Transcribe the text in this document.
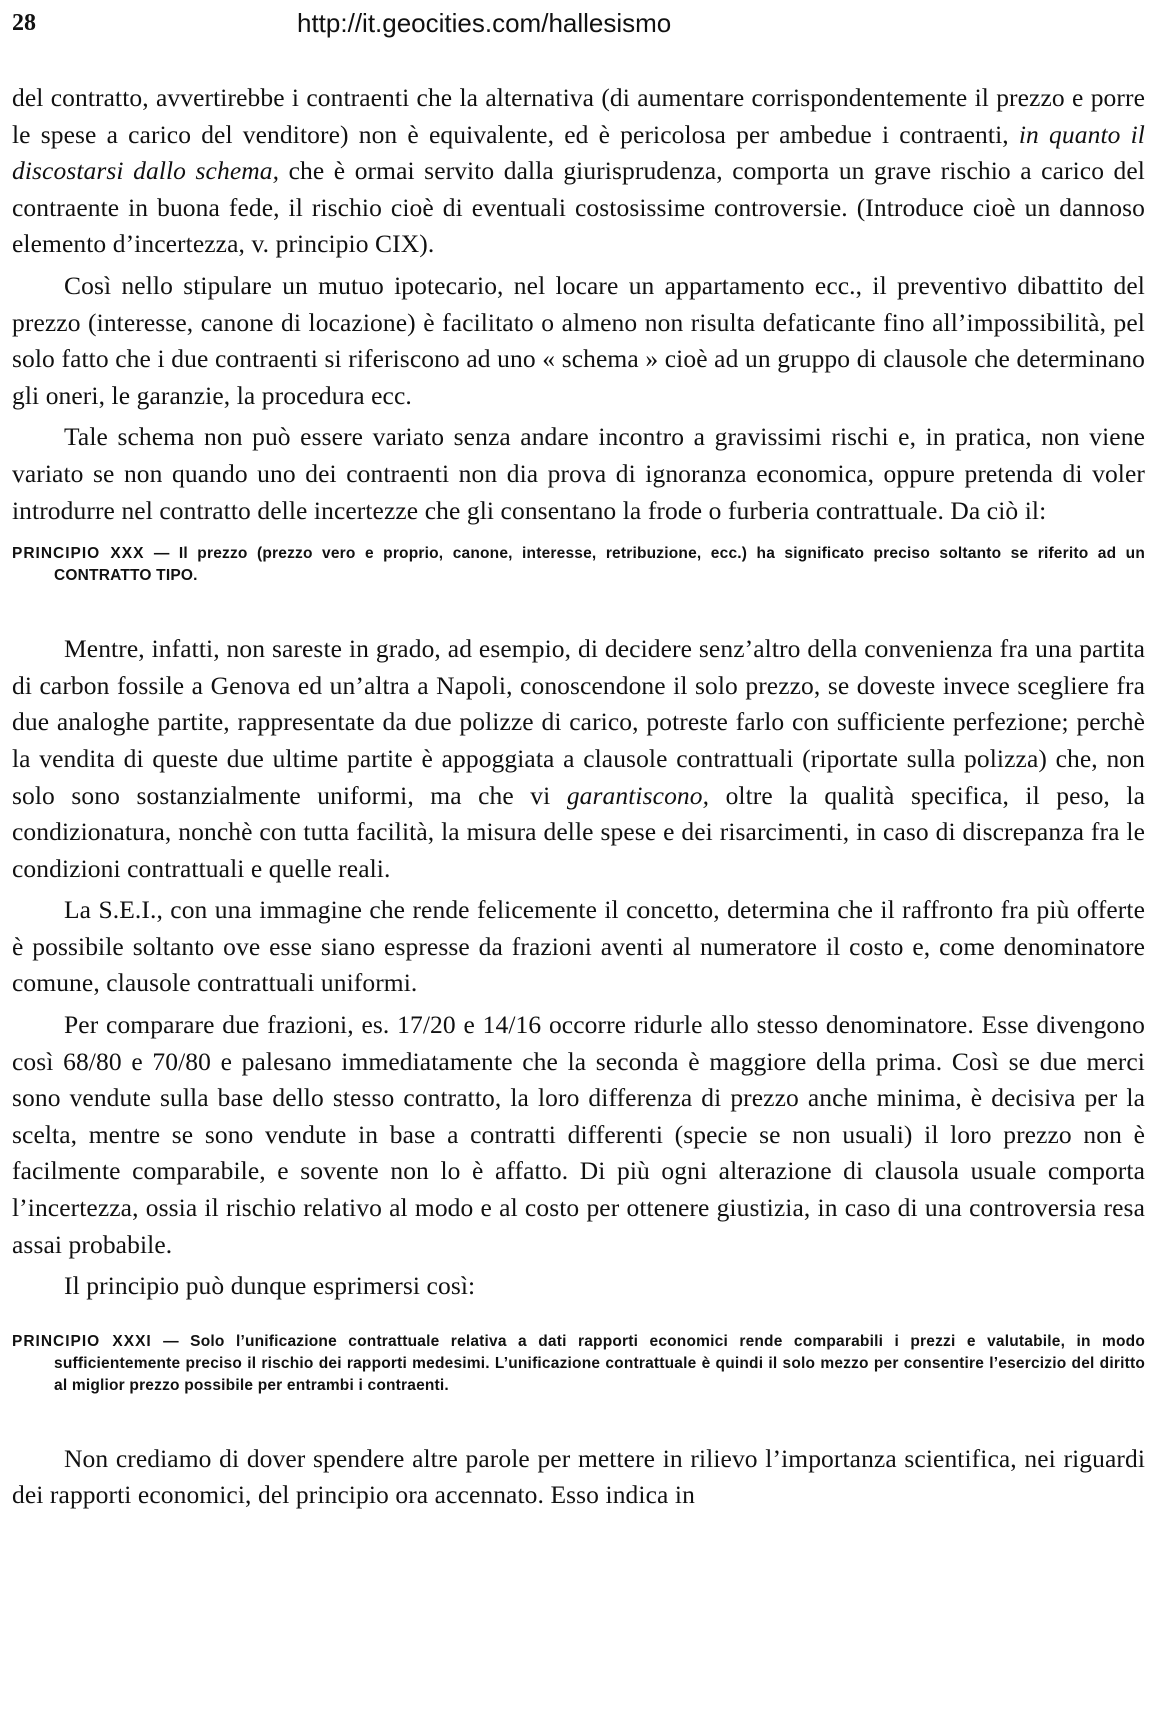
28	http://it.geocities.com/hallesismo

del contratto, avvertirebbe i contraenti che la alternativa (di aumentare corrispondentemente il prezzo e porre le spese a carico del venditore) non è equivalente, ed è pericolosa per ambedue i contraenti, in quanto il discostarsi dallo schema, che è ormai servito dalla giurisprudenza, comporta un grave rischio a carico del contraente in buona fede, il rischio cioè di eventuali costosissime controversie. (Introduce cioè un dannoso elemento d’incertezza, v. principio CIX).

Così nello stipulare un mutuo ipotecario, nel locare un appartamento ecc., il preventivo dibattito del prezzo (interesse, canone di locazione) è facilitato o almeno non risulta defaticante fino all’impossibilità, pel solo fatto che i due contraenti si riferiscono ad uno « schema » cioè ad un gruppo di clausole che determinano gli oneri, le garanzie, la procedura ecc.

Tale schema non può essere variato senza andare incontro a gravissimi rischi e, in pratica, non viene variato se non quando uno dei contraenti non dia prova di ignoranza economica, oppure pretenda di voler introdurre nel contratto delle incertezze che gli consentano la frode o furberia contrattuale. Da ciò il:

PRINCIPIO XXX — Il prezzo (prezzo vero e proprio, canone, interesse, retribuzione, ecc.) ha significato preciso soltanto se riferito ad un CONTRATTO TIPO.

Mentre, infatti, non sareste in grado, ad esempio, di decidere senz’altro della convenienza fra una partita di carbon fossile a Genova ed un’altra a Napoli, conoscendone il solo prezzo, se doveste invece scegliere fra due analoghe partite, rappresentate da due polizze di carico, potreste farlo con sufficiente perfezione; perchè la vendita di queste due ultime partite è appoggiata a clausole contrattuali (riportate sulla polizza) che, non solo sono sostanzialmente uniformi, ma che vi garantiscono, oltre la qualità specifica, il peso, la condizionatura, nonchè con tutta facilità, la misura delle spese e dei risarcimenti, in caso di discrepanza fra le condizioni contrattuali e quelle reali.

La S.E.I., con una immagine che rende felicemente il concetto, determina che il raffronto fra più offerte è possibile soltanto ove esse siano espresse da frazioni aventi al numeratore il costo e, come denominatore comune, clausole contrattuali uniformi.

Per comparare due frazioni, es. 17/20 e 14/16 occorre ridurle allo stesso denominatore. Esse divengono così 68/80 e 70/80 e palesano immediatamente che la seconda è maggiore della prima. Così se due merci sono vendute sulla base dello stesso contratto, la loro differenza di prezzo anche minima, è decisiva per la scelta, mentre se sono vendute in base a contratti differenti (specie se non usuali) il loro prezzo non è facilmente comparabile, e sovente non lo è affatto. Di più ogni alterazione di clausola usuale comporta l’incertezza, ossia il rischio relativo al modo e al costo per ottenere giustizia, in caso di una controversia resa assai probabile.

Il principio può dunque esprimersi così:

PRINCIPIO XXXI — Solo l’unificazione contrattuale relativa a dati rapporti economici rende comparabili i prezzi e valutabile, in modo sufficientemente preciso il rischio dei rapporti medesimi. L’unificazione contrattuale è quindi il solo mezzo per consentire l’esercizio del diritto al miglior prezzo possibile per entrambi i contraenti.

Non crediamo di dover spendere altre parole per mettere in rilievo l’importanza scientifica, nei riguardi dei rapporti economici, del principio ora accennato. Esso indica in
